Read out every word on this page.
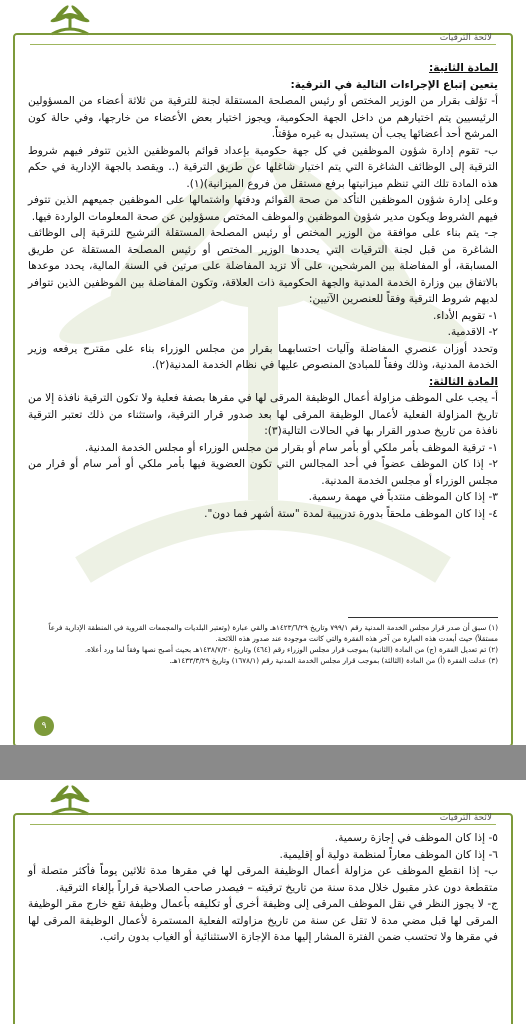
لائحة الترقيات

المادة الثانية:

يتعين إتباع الإجراءات التالية في الترقية:

أ- تؤلف بقرار من الوزير المختص أو رئيس المصلحة المستقلة لجنة للترقية من ثلاثة أعضاء من المسؤولين الرئيسيين يتم اختيارهم من داخل الجهة الحكومية، ويجوز اختيار بعض الأعضاء من خارجها، وفي حالة كون المرشح أحد أعضائها يجب أن يستبدل به غيره مؤقتاً.

ب- تقوم إدارة شؤون الموظفين في كل جهة حكومية بإعداد قوائم بالموظفين الذين تتوفر فيهم شروط الترقية إلى الوظائف الشاغرة التي يتم اختيار شاغلها عن طريق الترقية (.. ويقصد بالجهة الإدارية في حكم هذه المادة تلك التي تنظم ميزانيتها برفع مستقل من فروع الميزانية)(١).

وعلى إدارة شؤون الموظفين التأكد من صحة القوائم ودقتها واشتمالها على الموظفين جميعهم الذين تتوفر فيهم الشروط ويكون مدير شؤون الموظفين والموظف المختص مسؤولين عن صحة المعلومات الواردة فيها.

جـ- يتم بناء على موافقة من الوزير المختص أو رئيس المصلحة المستقلة الترشيح للترقية إلى الوظائف الشاغرة من قبل لجنة الترقيات التي يحددها الوزير المختص أو رئيس المصلحة المستقلة عن طريق المسابقة، أو المفاضلة بين المرشحين، على ألا تزيد المفاضلة على مرتين في السنة المالية، يحدد موعدها بالاتفاق بين وزارة الخدمة المدنية والجهة الحكومية ذات العلاقة، وتكون المفاضلة بين الموظفين الذين تتوافر لديهم شروط الترقية وفقاً للعنصرين الآتيين:

١- تقويم الأداء.

٢- الاقدمية.

وتحدد أوزان عنصري المفاضلة وآليات احتسابهما بقرار من مجلس الوزراء بناء على مقترح يرفعه وزير الخدمة المدنية، وذلك وفقاً للمبادئ المنصوص عليها في نظام الخدمة المدنية(٢).

المادة الثالثة:

أ- يجب على الموظف مزاولة أعمال الوظيفة المرقى لها في مقرها بصفة فعلية ولا تكون الترقية نافذة إلا من تاريخ المزاولة الفعلية لأعمال الوظيفة المرقى لها بعد صدور قرار الترقية، واستثناء من ذلك تعتبر الترقية نافذة من تاريخ صدور القرار بها في الحالات التالية(٣):

١- ترقية الموظف بأمر ملكي أو بأمر سام أو بقرار من مجلس الوزراء أو مجلس الخدمة المدنية.

٢- إذا كان الموظف عضواً في أحد المجالس التي تكون العضوية فيها بأمر ملكي أو أمر سام أو قرار من مجلس الوزراء أو مجلس الخدمة المدنية.

٣- إذا كان الموظف منتدباً في مهمة رسمية.

٤- إذا كان الموظف ملحقاً بدورة تدريبية لمدة "ستة أشهر فما دون".

(١) سبق أن صدر قرار مجلس الخدمة المدنية رقم ٧٩٩/١ وتاريخ ١٤٢٣/٦/٢٩هـ والقي عبارة (وتعتبر البلديات والمجمعات القروية في المنطقة الإدارية فرعاً مستقلاً) حيث أبعدت هذه العبارة من آخر هذه الفقرة والتي كانت موجودة عند صدور هذه اللائحة.

(٢) تم تعديل الفقرة (ج) من المادة (الثانية) بموجب قرار مجلس الوزراء رقم (٤٦٤) وتاريخ ١٤٣٨/٧/٢٠هـ بحيث أصبح نصها وفقاً لما ورد أعلاه.

(٣) عدلت الفقرة (أ) من المادة (الثالثة) بموجب قرار مجلس الخدمة المدنية رقم (١٦٧٨/١) وتاريخ ١٤٣٣/٣/٢٩هـ.

٩
لائحة الترقيات

٥- إذا كان الموظف في إجازة رسمية.

٦- إذا كان الموظف معاراً لمنظمة دولية أو إقليمية.

ب- إذا انقطع الموظف عن مزاولة أعمال الوظيفة المرقى لها في مقرها مدة ثلاثين يوماً فأكثر متصلة أو متقطعة دون عذر مقبول خلال مدة سنة من تاريخ ترقيته – فيصدر صاحب الصلاحية قراراً بإلغاء الترقية.

ج- لا يجوز النظر في نقل الموظف المرقى إلى وظيفة أخرى أو تكليفه بأعمال وظيفة تقع خارج مقر الوظيفة المرقى لها قبل مضي مدة لا تقل عن سنة من تاريخ مزاولته الفعلية المستمرة لأعمال الوظيفة المرقى لها في مقرها ولا تحتسب ضمن الفترة المشار إليها مدة الإجازة الاستثنائية أو الغياب بدون راتب.
